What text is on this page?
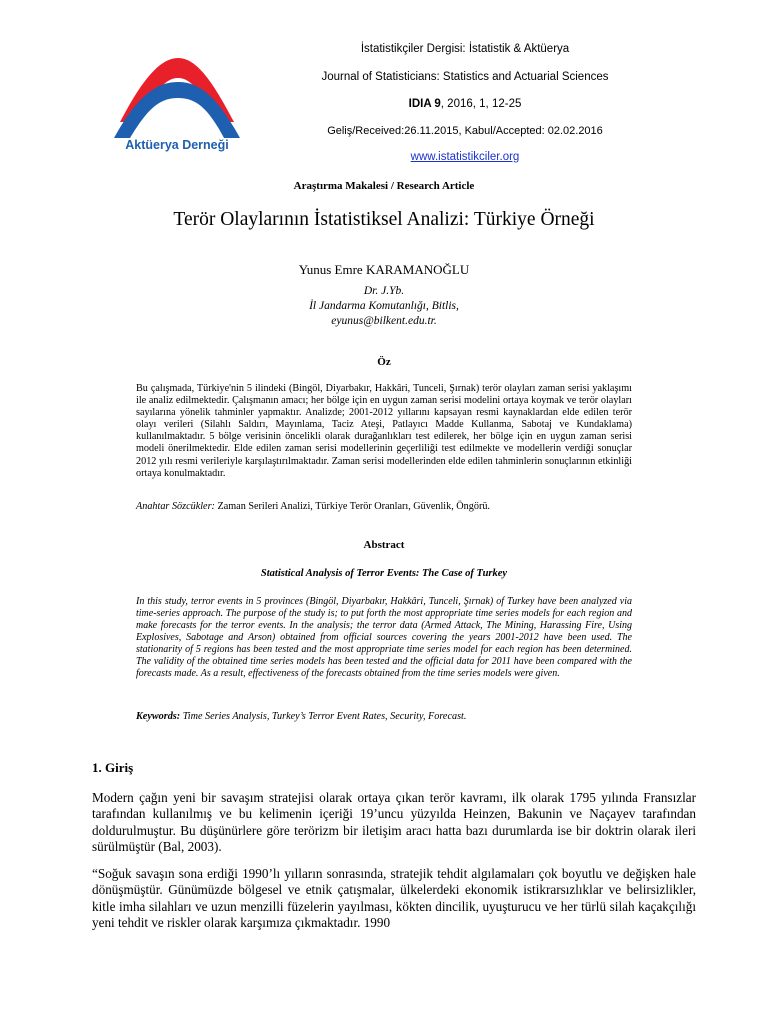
Aktüerya Derneği
İstatistikçiler Dergisi: İstatistik & Aktüerya
Journal of Statisticians: Statistics and Actuarial Sciences
IDIA 9, 2016, 1, 12-25
Geliş/Received:26.11.2015, Kabul/Accepted: 02.02.2016
www.istatistikciler.org
Araştırma Makalesi / Research Article
Terör Olaylarının İstatistiksel Analizi: Türkiye Örneği
Yunus Emre KARAMANOĞLU
Dr. J.Yb.
İl Jandarma Komutanlığı, Bitlis,
eyunus@bilkent.edu.tr.
Öz
Bu çalışmada, Türkiye'nin 5 ilindeki (Bingöl, Diyarbakır, Hakkâri, Tunceli, Şırnak) terör olayları zaman serisi yaklaşımı ile analiz edilmektedir. Çalışmanın amacı; her bölge için en uygun zaman serisi modelini ortaya koymak ve terör olayları sayılarına yönelik tahminler yapmaktır. Analizde; 2001-2012 yıllarını kapsayan resmi kaynaklardan elde edilen terör olayı verileri (Silahlı Saldırı, Mayınlama, Taciz Ateşi, Patlayıcı Madde Kullanma, Sabotaj ve Kundaklama) kullanılmaktadır. 5 bölge verisinin öncelikli olarak durağanlıkları test edilerek, her bölge için en uygun zaman serisi modeli önerilmektedir. Elde edilen zaman serisi modellerinin geçerliliği test edilmekte ve modellerin verdiği sonuçlar 2012 yılı resmi verileriyle karşılaştırılmaktadır. Zaman serisi modellerinden elde edilen tahminlerin sonuçlarının etkinliği ortaya konulmaktadır.
Anahtar Sözcükler: Zaman Serileri Analizi, Türkiye Terör Oranları, Güvenlik, Öngörü.
Abstract
Statistical Analysis of Terror Events: The Case of Turkey
In this study, terror events in 5 provinces (Bingöl, Diyarbakır, Hakkâri, Tunceli, Şırnak) of Turkey have been analyzed via time-series approach. The purpose of the study is; to put forth the most appropriate time series models for each region and make forecasts for the terror events. In the analysis; the terror data (Armed Attack, The Mining, Harassing Fire, Using Explosives, Sabotage and Arson) obtained from official sources covering the years 2001-2012 have been used. The stationarity of 5 regions has been tested and the most appropriate time series model for each region has been determined. The validity of the obtained time series models has been tested and the official data for 2011 have been compared with the forecasts made. As a result, effectiveness of the forecasts obtained from the time series models were given.
Keywords: Time Series Analysis, Turkey’s Terror Event Rates, Security, Forecast.
1. Giriş
Modern çağın yeni bir savaşım stratejisi olarak ortaya çıkan terör kavramı, ilk olarak 1795 yılında Fransızlar tarafından kullanılmış ve bu kelimenin içeriği 19’uncu yüzyılda Heinzen, Bakunin ve Naçayev tarafından doldurulmuştur. Bu düşünürlere göre terörizm bir iletişim aracı hatta bazı durumlarda ise bir doktrin olarak ileri sürülmüştür (Bal, 2003).
“Soğuk savaşın sona erdiği 1990’lı yılların sonrasında, stratejik tehdit algılamaları çok boyutlu ve değişken hale dönüşmüştür. Günümüzde bölgesel ve etnik çatışmalar, ülkelerdeki ekonomik istikrarsızlıklar ve belirsizlikler, kitle imha silahları ve uzun menzilli füzelerin yayılması, kökten dincilik, uyuşturucu ve her türlü silah kaçakçılığı yeni tehdit ve riskler olarak karşımıza çıkmaktadır. 1990
